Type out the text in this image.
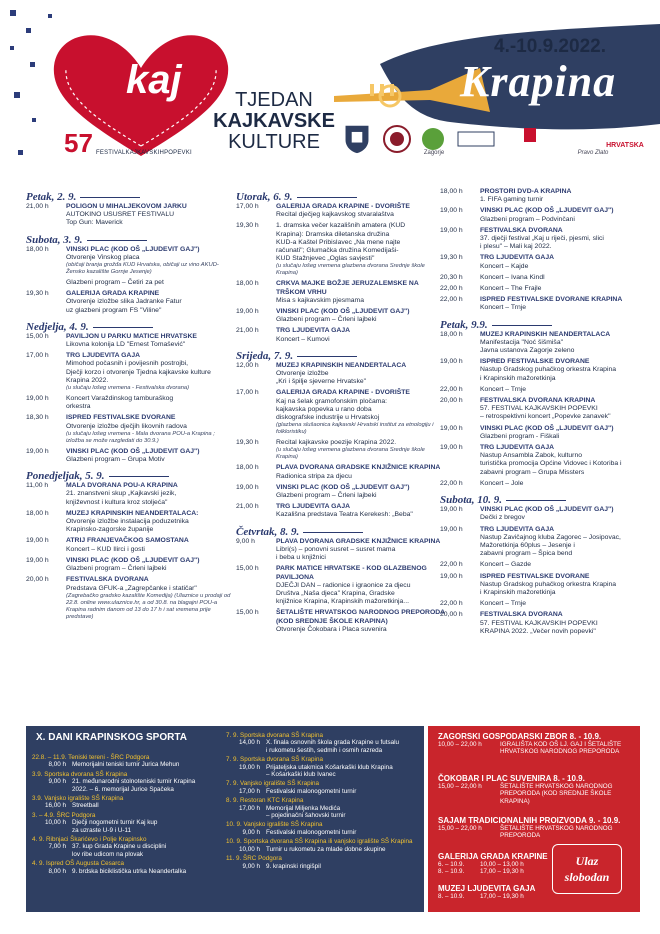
kaj
57 FESTIVALKAJKAVSKIHPOPEVKI
TJEDAN
KAJKAVSKE
KULTURE
4.-10.9.2022.
Krapina
Zagorje
HRVATSKA
Pravo Zlato
Petak, 2. 9.
21,00 h	POLIGON U MIHALJEKOVOM JARKU
AUTOKINO USUSRET FESTIVALU
Top Gun: Maverick
Subota, 3. 9.
18,00 h	VINSKI PLAC (KOD OŠ „LJUDEVIT GAJ")
Otvorenje Vinskog placa
(običaji branja grožđa KUD Hrvatska, običaji uz vino AKUD-Žensko kazalište Gornje Jesenje)
Glazbeni program – Četiri za pet
19,30 h	GALERIJA GRADA KRAPINE
Otvorenje izložbe slika Jadranke Fatur
uz glazbeni program FS "Viline"
Nedjelja, 4. 9.
15,00 h	PAVILJON U PARKU MATICE HRVATSKE
Likovna kolonija LD "Ernest Tomašević"
17,00 h	TRG LJUDEVITA GAJA
Mimohod počasnih i povijesnih postrojbi,
Dječji korzo i otvorenje Tjedna kajkavske kulture
Krapina 2022.
(u slučaju lošeg vremena - Festivalska dvorana)
19,00 h	Koncert Varaždinskog tamburaškog
orkestra
18,30 h	ISPRED FESTIVALSKE DVORANE
Otvorenje izložbe dječjih likovnih radova
(u slučaju lošeg vremena - Mala dvorana POU-a Krapina ; izložba se može razgledati do 30.9.)
19,00 h	VINSKI PLAC (KOD OŠ „LJUDEVIT GAJ")
Glazbeni program – Grupa Motiv
Ponedjeljak, 5. 9.
11,00 h	MALA DVORANA POU-A KRAPINA
21. znanstveni skup „Kajkavski jezik,
književnost i kultura kroz stoljeća"
18,00 h	MUZEJ KRAPINSKIH NEANDERTALACA:
Otvorenje izložbe instalacija poduzetnika
Krapinsko-zagorske županije
19,00 h	ATRIJ FRANJEVAČKOG SAMOSTANA
Koncert – KUD Ilirci i gosti
19,00 h	VINSKI PLAC (KOD OŠ „LJUDEVIT GAJ")
Glazbeni program – Črleni lajbeki
20,00 h	FESTIVALSKA DVORANA
Predstava GFUK-a „Zagrepčanke i statičar"
(Zagrebačko gradsko kazalište Komedija) (Ulaznice u prodaji od 22.8. online www.ulaznice.hr, a od 30.8. na blagajni POU-a Krapina radnim danom od 13 do 17 h i sat vremena prije predstave)
Utorak, 6. 9.
17,00 h	GALERIJA GRADA KRAPINE - DVORIŠTE
Recital dječjeg kajkavskog stvaralaštva
19,30 h	1. dramska večer kazališnih amatera (KUD
Krapina): Dramska diletanska družina
KUD-a Kaštel Pribislavec „Na mene najte
računati"; Glumačka družina Komedijaši-
KUD Stažnjevec „Oglas savjesti"
(u slučaju lošeg vremena glazbena dvorana Srednje škole Krapina)
18,00 h	CRKVA MAJKE BOŽJE JERUZALEMSKE NA TRŠKOM VRHU
Misa s kajkavskim pjesmama
19,00 h	VINSKI PLAC (KOD OŠ „LJUDEVIT GAJ")
Glazbeni program – Črleni lajbeki
21,00 h	TRG LJUDEVITA GAJA
Koncert – Kumovi
Srijeda, 7. 9.
12,00 h	MUZEJ KRAPINSKIH NEANDERTALACA
Otvorenje izložbe
„Kri i špilje sjeverne Hrvatske"
17,00 h	GALERIJA GRADA KRAPINE - DVORIŠTE
Kaj na šelak gramofonskim pločama:
kajkavska popevka u rano doba
diskografske industrije u Hrvatskoj
(glazbena slušaonica kajkavski Hrvatski institut za etnologiju i folkloristiku)
19,30 h	Recital kajkavske poezije Krapina 2022.
(u slučaju lošeg vremena glazbena dvorana Srednje škole Krapina)
18,00 h	PLAVA DVORANA GRADSKE KNJIŽNICE KRAPINA
Radionica stripa za djecu
19,00 h	VINSKI PLAC (KOD OŠ „LJUDEVIT GAJ")
Glazbeni program – Črleni lajbeki
21,00 h	TRG LJUDEVITA GAJA
Kazališna predstava Teatra Kerekesh: „Beba"
Četvrtak, 8. 9.
9,00 h	PLAVA DVORANA GRADSKE KNJIŽNICE KRAPINA
Libri(s) – ponovni susret – susret mama
i beba u knjižnici
15,00 h	PARK MATICE HRVATSKE - KOD GLAZBENOG PAVILJONA
DJEČJI DAN – radionice i igraonice za djecu
Društva „Naša djeca" Krapina, Gradske
knjižnice Krapina, Krapinskih mažoretkinja...
15,00 h	ŠETALIŠTE HRVATSKOG NARODNOG PREPORODA (KOD SREDNJE ŠKOLE KRAPINA)
Otvorenje Čokobara i Placa suvenira
18,00 h	PROSTORI DVD-A KRAPINA
1. FIFA gaming turnir
19,00 h	VINSKI PLAC (KOD OŠ „LJUDEVIT GAJ")
Glazbeni program – Podvinčani
19,00 h	FESTIVALSKA DVORANA
37. dječji festival „Kaj u riječi, pjesmi, slici
i plesu" – Mali kaj 2022.
19,30 h	TRG LJUDEVITA GAJA
Koncert – Kajde
20,30 h	Koncert – Ivana Kindl
22,00 h	Koncert – The Frajle
22,00 h	ISPRED FESTIVALSKE DVORANE KRAPINA
Koncert – Trnje
Petak, 9.9.
18,00 h	MUZEJ KRAPINSKIH NEANDERTALACA
Manifestacija "Noć šišmiša"
Javna ustanova Zagorje zeleno
19,00 h	ISPRED FESTIVALSKE DVORANE
Nastup Gradskog puhačkog orkestra Krapina
i Krapinskih mažoretkinja
22,00 h	Koncert – Trnje
20,00 h	FESTIVALSKA DVORANA KRAPINA
57. FESTIVAL KAJKAVSKIH POPEVKI
– retrospektivni koncert „Popevke zanavek"
19,00 h	VINSKI PLAC (KOD OŠ „LJUDEVIT GAJ")
Glazbeni program - Fiškali
19,00 h	TRG LJUDEVITA GAJA
Nastup Ansambla Zabok, kulturno
turistička promocija Općine Vidovec i Kotoriba i
zabavni program – Grupa Missters
22,00 h	Koncert – Jole
Subota, 10. 9.
19,00 h	VINSKI PLAC (KOD OŠ „LJUDEVIT GAJ")
Dečki z bregov
19,00 h	TRG LJUDEVITA GAJA
Nastup Zavičajnog kluba Zagorec – Josipovac,
Mažoretkinja 60plus – Jesenje i
zabavni program – Špica bend
22,00 h	Koncert – Gazde
19,00 h	ISPRED FESTIVALSKE DVORANE
Nastup Gradskog puhačkog orkestra Krapina
i Krapinskih mažoretkinja
22,00 h	Koncert – Trnje
20,00 h	FESTIVALSKA DVORANA
57. FESTIVAL KAJKAVSKIH POPEVKI
KRAPINA 2022. „Večer novih popevki"
X. DANI KRAPINSKOG SPORTA
22.8. – 11.9. Teniski tereni - ŠRC Podgora
8,00 h Memorijalni teniski turnir Jurica Mehun
3.9. Sportska dvorana SŠ Krapina
9,00 h 21. međunarodni stolnoteniski turnir Krapina
2022. – 6. memorijal Jurice Spačeka
3.9. Vanjsko igralište SŠ Krapina
16,00 h Streetball
3. – 4.9. ŠRC Podgora
10,00 h Dječji nogometni turnir Kaj kup
za uzraste U-9 i U-11
4. 9. Ribnjaci Škarićevo i Polje Krapinsko
7,00 h 37. kup Grada Krapine u disciplini
lov ribe udicom na plovak
4. 9. Ispred OŠ Augusta Cesarca
8,00 h 9. brdska biciklistička utrka Neandertalka
7. 9. Sportska dvorana SŠ Krapina
14,00 h X. finala osnovnih škola grada Krapine u futsalu
i rukometu šestih, sedmih i osmih razreda
7. 9. Sportska dvorana SŠ Krapina
19,00 h Prijateljska utakmica Košarkaški klub Krapina
– Košarkaški klub Ivanec
7. 9. Vanjsko igralište SŠ Krapina
17,00 h Festivalski malonogometni turnir
8. 9. Restoran KTC Krapina
17,00 h Memorijal Miljenka Medića
– pojedinačni šahovski turnir
10. 9. Vanjsko igralište SŠ Krapina
9,00 h Festivalski malonogometni turnir
10. 9. Sportska dvorana SŠ Krapina ili vanjsko igralište SŠ Krapina
10,00 h Turnir u rukometu za mlade dobne skupine
11. 9. ŠRC Podgora
9,00 h 9. krapinski ringišpil
ZAGORSKI GOSPODARSKI ZBOR 8. - 10.9.
10,00 – 22,00 h	IGRALIŠTA KOD OŠ LJ. GAJ I ŠETALIŠTE HRVATSKOG NARODNOG PREPORODA
ČOKOBAR I PLAC SUVENIRA 8. - 10.9.
15,00 – 22,00 h	ŠETALIŠTE HRVATSKOG NARODNOG PREPORODA (KOD SREDNJE ŠKOLE KRAPINA)
SAJAM TRADICIONALNIH PROIZVODA 9. - 10.9.
15,00 – 22,00 h	ŠETALIŠTE HRVATSKOG NARODNOG PREPORODA
GALERIJA GRADA KRAPINE
6. – 10.9.	10,00 – 13,00 h
8. – 10.9.	17,00 – 19,30 h
MUZEJ LJUDEVITA GAJA
8. – 10.9.	17,00 – 19,30 h
Ulaz slobodan
